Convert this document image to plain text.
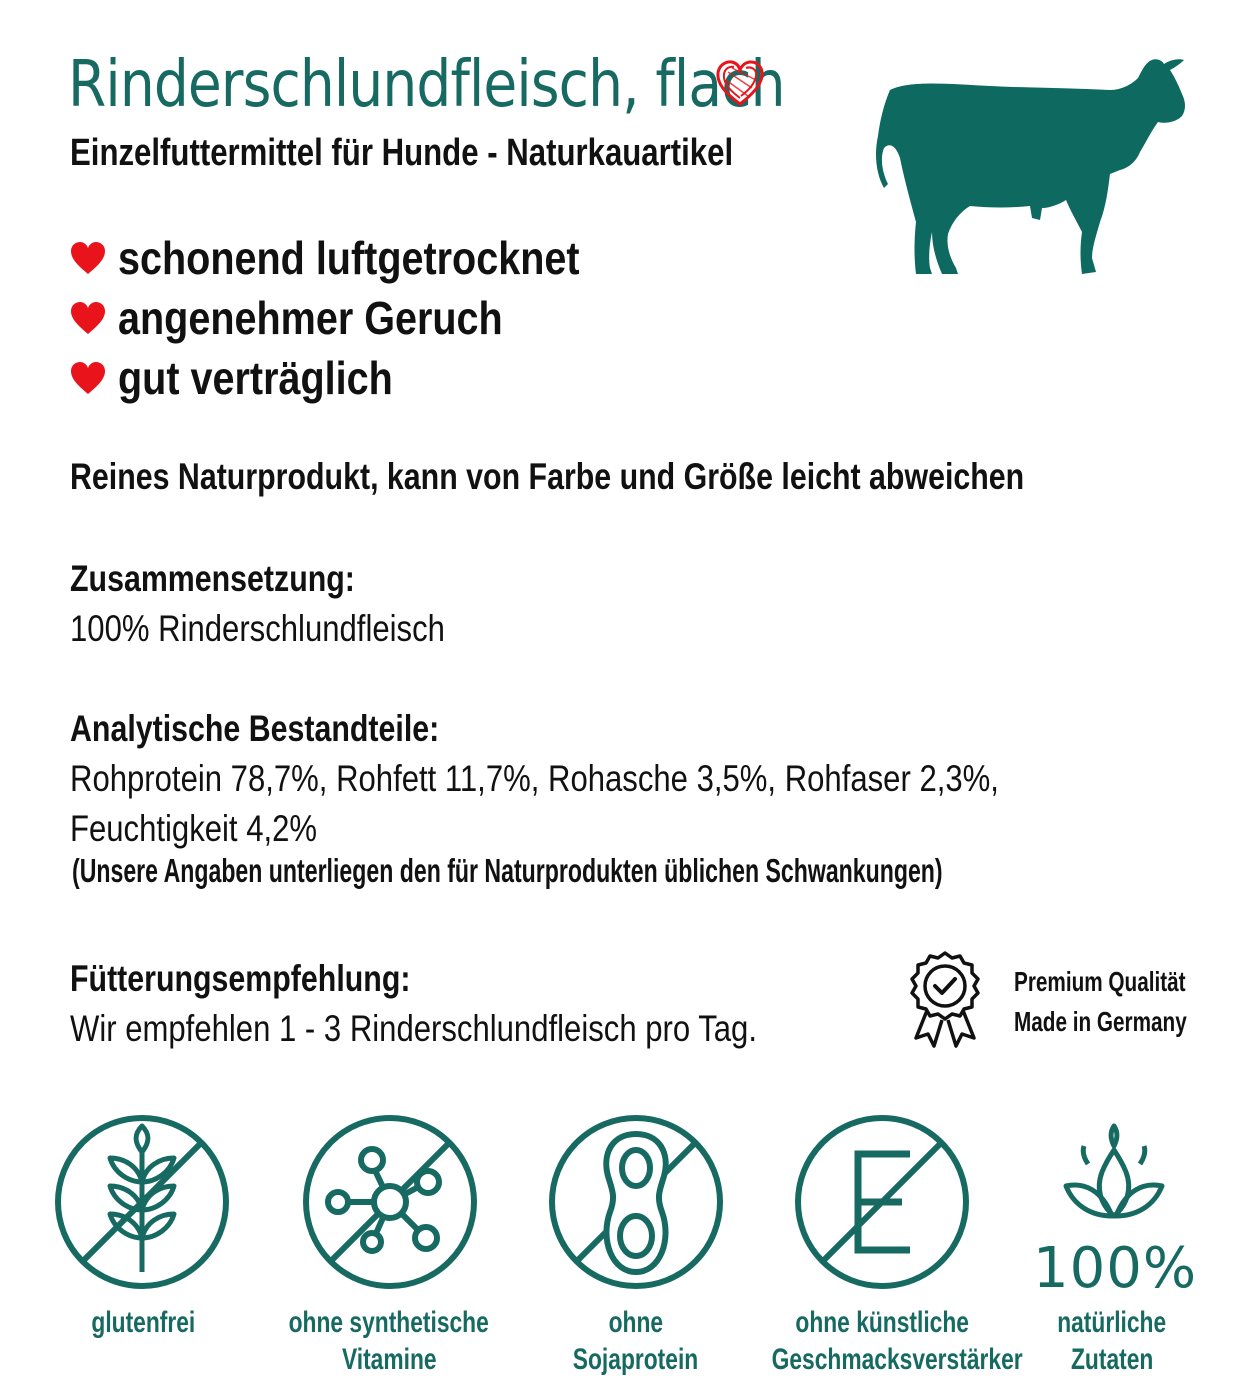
Rinderschlundfleisch, flach
Einzelfuttermittel für Hunde - Naturkauartikel
schonend luftgetrocknet
angenehmer Geruch
gut verträglich
Reines Naturprodukt, kann von Farbe und Größe leicht abweichen
Zusammensetzung:
100% Rinderschlundfleisch
Analytische Bestandteile:
Rohprotein 78,7%, Rohfett 11,7%, Rohasche 3,5%, Rohfaser 2,3%,
Feuchtigkeit 4,2%
(Unsere Angaben unterliegen den für Naturprodukten üblichen Schwankungen)
Fütterungsempfehlung:
Wir empfehlen 1 - 3 Rinderschlundfleisch pro Tag.
Premium Qualität
Made in Germany
100%
glutenfrei	ohne synthetische
Vitamine
ohne
Sojaprotein
ohne künstliche
Geschmacksverstärker
natürliche
Zutaten
